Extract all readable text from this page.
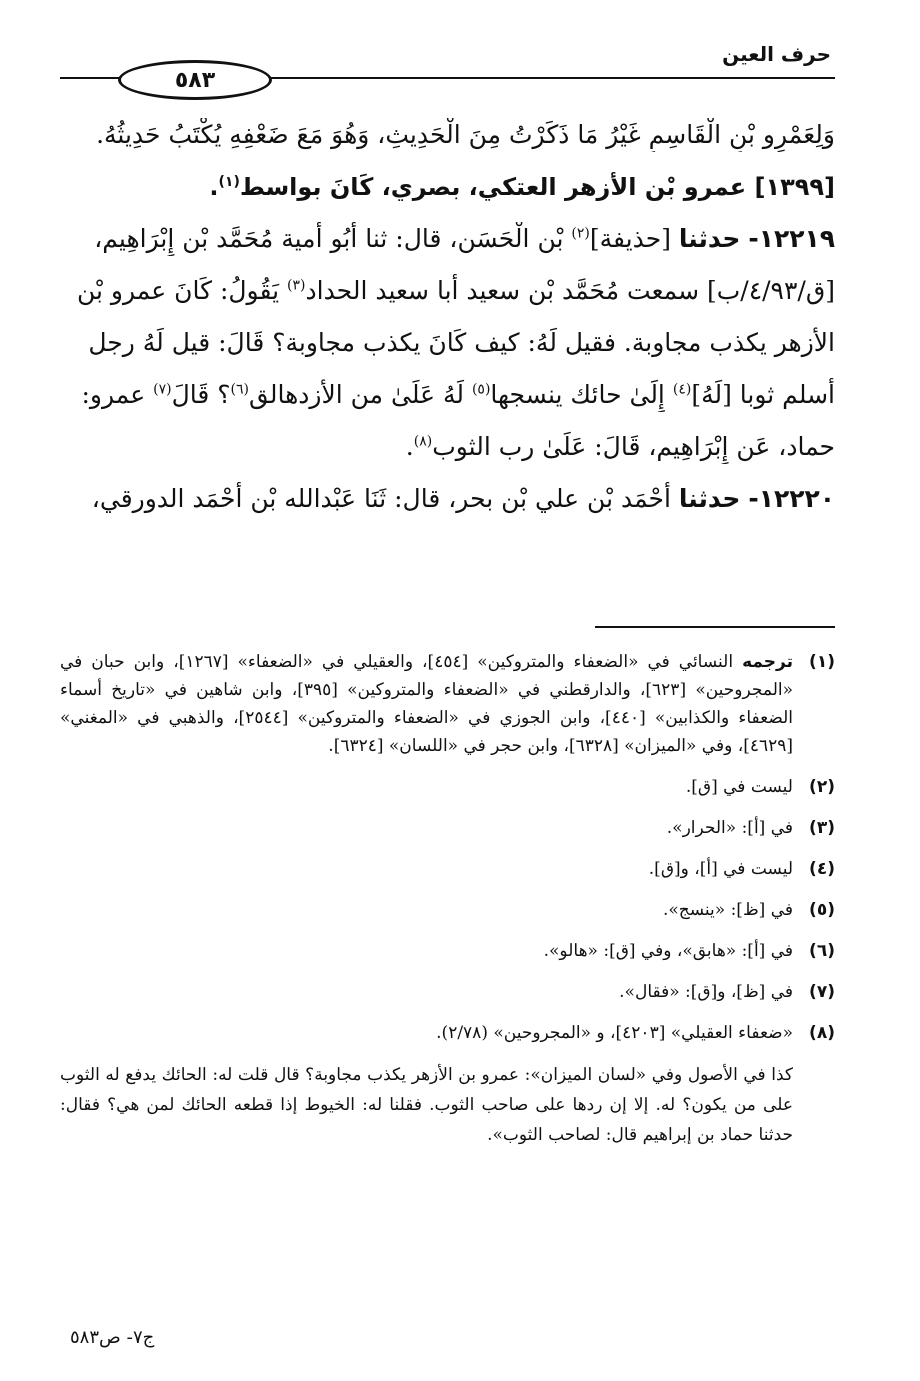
حرف العين
٥٨٣
وَلِعَمْرِو بْنِ الْقَاسِمِ غَيْرُ مَا ذَكَرْتُ مِنَ الْحَدِيثِ، وَهُوَ مَعَ ضَعْفِهِ يُكْتَبُ حَدِيثُهُ.
[١٣٩٩] عمرو بْن الأزهر العتكي، بصري، كَانَ بواسط$^{(١)}$.
١٢٢١٩- حدثنا [حذيفة]$^{(٢)}$ بْن الْحَسَن، قال: ثنا أَبُو أمية مُحَمَّد بْن إِبْرَاهِيم،
[ق/٤/٩٣/ب] سمعت مُحَمَّد بْن سعيد أبا سعيد الحداد$^{(٣)}$ يَقُولُ: كَانَ عمرو بْن
الأزهر يكذب مجاوبة. فقيل لَهُ: كيف كَانَ يكذب مجاوبة؟ قَالَ: قيل لَهُ رجل
أسلم ثوبا [لَهُ]$^{(٤)}$ إِلَىٰ حائك ينسجها$^{(٥)}$ لَهُ عَلَىٰ من الأزدهالق$^{(٦)}$؟ قَالَ$^{(٧)}$ عمرو:
حماد، عَن إِبْرَاهِيم، قَالَ: عَلَىٰ رب الثوب$^{(٨)}$.
١٢٢٢٠- حدثنا أَحْمَد بْن علي بْن بحر، قال: ثَنَا عَبْدالله بْن أَحْمَد الدورقي،
(١)
ترجمه النسائي في «الضعفاء والمتروكين» [٤٥٤]، والعقيلي في «الضعفاء» [١٢٦٧]، وابن حبان في «المجروحين» [٦٢٣]، والدارقطني في «الضعفاء والمتروكين» [٣٩٥]، وابن شاهين في «تاريخ أسماء الضعفاء والكذابين» [٤٤٠]، وابن الجوزي في «الضعفاء والمتروكين» [٢٥٤٤]، والذهبي في «المغني» [٤٦٢٩]، وفي «الميزان» [٦٣٢٨]، وابن حجر في «اللسان» [٦٣٢٤].
(٢)
ليست في [ق].
(٣)
في [أ]: «الحرار».
(٤)
ليست في [أ]، و[ق].
(٥)
في [ظ]: «ينسج».
(٦)
في [أ]: «هابق»، وفي [ق]: «هالو».
(٧)
في [ظ]، و[ق]: «فقال».
(٨)
«ضعفاء العقيلي» [٤٢٠٣]، و «المجروحين» (٢/٧٨).
كذا في الأصول وفي «لسان الميزان»: عمرو بن الأزهر يكذب مجاوبة؟ قال قلت له: الحائك يدفع له الثوب على من يكون؟ له. إلا إن ردها على صاحب الثوب. فقلنا له: الخيوط إذا قطعه الحائك لمن هي؟ فقال: حدثنا حماد بن إبراهيم قال: لصاحب الثوب».
ج٧- ص٥٨٣
